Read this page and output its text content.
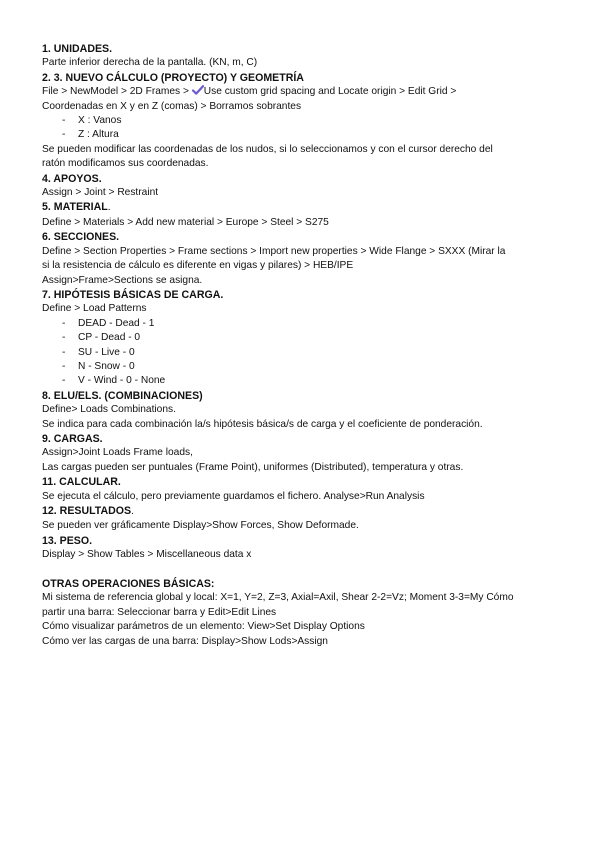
1. UNIDADES.
Parte inferior derecha de la pantalla. (KN, m, C)
2. 3. NUEVO CÁLCULO (PROYECTO) Y GEOMETRÍA
File > NewModel > 2D Frames >
Use custom grid spacing and Locate origin > Edit Grid >
Coordenadas en X y en Z (comas) > Borramos sobrantes
- X : Vanos
- Z : Altura
Se pueden modificar las coordenadas de los nudos, si lo seleccionamos y con el cursor derecho del
ratón modificamos sus coordenadas.
4. APOYOS.
Assign > Joint > Restraint
5. MATERIAL.
Define > Materials > Add new material > Europe > Steel > S275
6. SECCIONES.
Define > Section Properties > Frame sections > Import new properties > Wide Flange > SXXX (Mirar la
si la resistencia de cálculo es diferente en vigas y pilares) > HEB/IPE
Assign>Frame>Sections se asigna.
7. HIPÓTESIS BÁSICAS DE CARGA.
Define > Load Patterns
- DEAD - Dead - 1
- CP - Dead - 0
- SU - Live - 0
- N - Snow - 0
- V - Wind - 0 - None
8. ELU/ELS. (COMBINACIONES)
Define> Loads Combinations.
Se indica para cada combinación la/s hipótesis básica/s de carga y el coeficiente de ponderación.
9. CARGAS.
Assign>Joint Loads Frame loads,
Las cargas pueden ser puntuales (Frame Point), uniformes (Distributed), temperatura y otras.
11. CALCULAR.
Se ejecuta el cálculo, pero previamente guardamos el fichero. Analyse>Run Analysis
12. RESULTADOS.
Se pueden ver gráficamente Display>Show Forces, Show Deformade.
13. PESO.
Display > Show Tables > Miscellaneous data x
OTRAS OPERACIONES BÁSICAS:
Mi sistema de referencia global y local: X=1, Y=2, Z=3, Axial=Axil, Shear 2-2=Vz; Moment 3-3=My Cómo
partir una barra: Seleccionar barra y Edit>Edit Lines
Cómo visualizar parámetros de un elemento: View>Set Display Options
Cómo ver las cargas de una barra: Display>Show Lods>Assign
